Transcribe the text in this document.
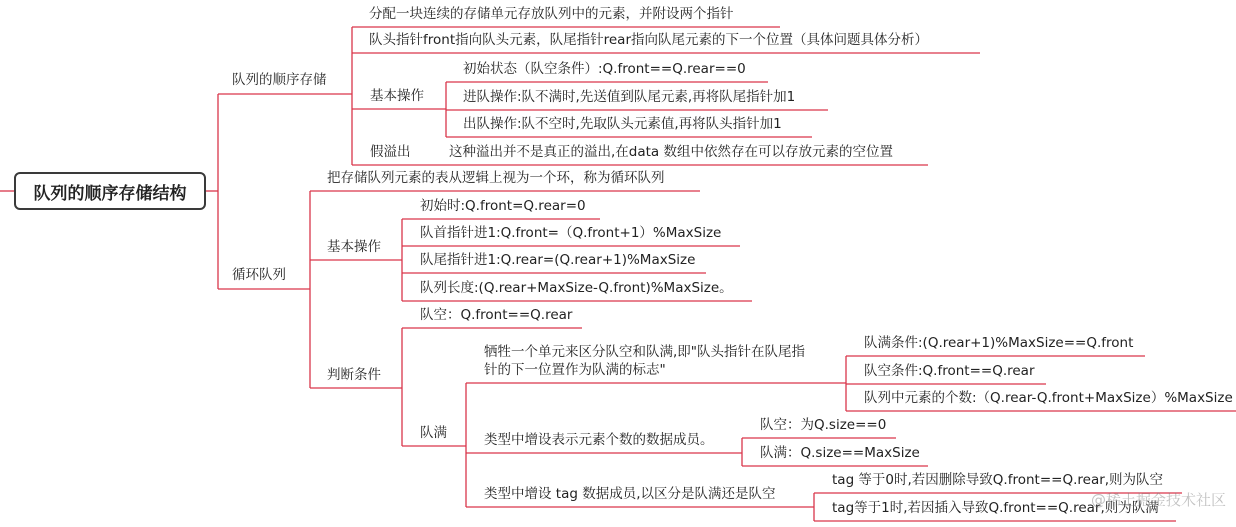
队列的顺序存储结构
队列的顺序存储
分配一块连续的存储单元存放队列中的元素，并附设两个指针
队头指针front指向队头元素，队尾指针rear指向队尾元素的下一个位置（具体问题具体分析）
基本操作
初始状态（队空条件）:Q.front==Q.rear==0
进队操作:队不满时,先送值到队尾元素,再将队尾指针加1
出队操作:队不空时,先取队头元素值,再将队头指针加1
假溢出	这种溢出并不是真正的溢出,在data 数组中依然存在可以存放元素的空位置
循环队列
把存储队列元素的表从逻辑上视为一个环，称为循环队列
基本操作
初始时:Q.front=Q.rear=0
队首指针进1:Q.front=（Q.front+1）%MaxSize
队尾指针进1:Q.rear=(Q.rear+1)%MaxSize
队列长度:(Q.rear+MaxSize-Q.front)%MaxSize。
判断条件
队空：Q.front==Q.rear
队满
牺牲一个单元来区分队空和队满,即"队头指针在队尾指
针的下一位置作为队满的标志"
队满条件:(Q.rear+1)%MaxSize==Q.front
队空条件:Q.front==Q.rear
队列中元素的个数:（Q.rear-Q.front+MaxSize）%MaxSize
类型中增设表示元素个数的数据成员。
队空：为Q.size==0
队满：Q.size==MaxSize
类型中增设 tag 数据成员,以区分是队满还是队空
tag 等于0时,若因删除导致Q.front==Q.rear,则为队空
tag等于1时,若因插入导致Q.front==Q.rear,则为队满
@稀土掘金技术社区
